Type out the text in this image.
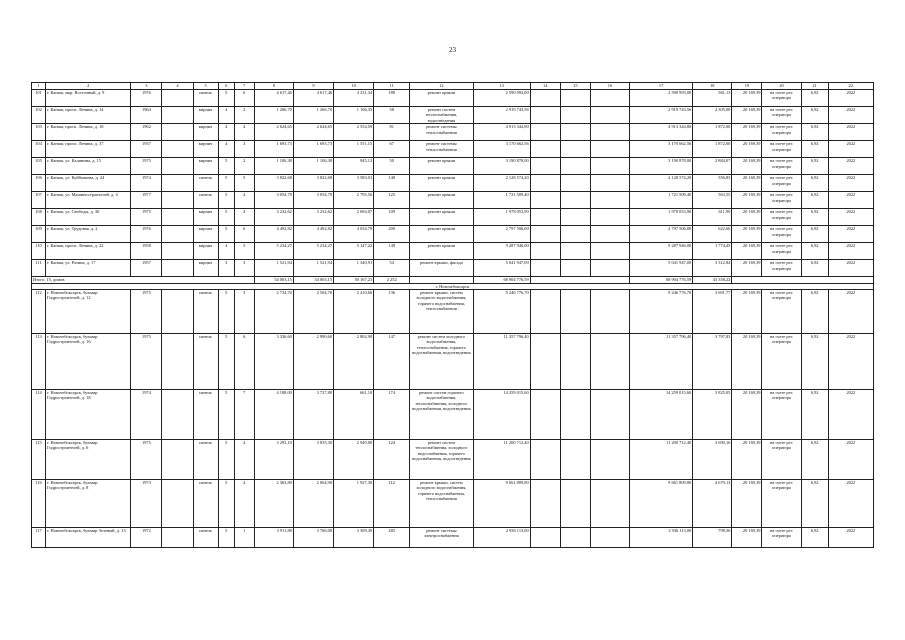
23
1	2	3	4	5	6	7	8	9	10	11	12	13	14	15	16	17	18	19	20	21	22
101	г. Канаш, мкр. Восточный, д. 9	1976		панель	5	6	4 617,46	4 617,46	4 231,34	188	ремонт крыши	2 590 993,00				2 590 993,00	561,13	20 169,39	на счете рег. оператора	6,92	2022
102	г. Канаш, просп. Ленина, д. 14	1964		кирпич	4	2	1 266,70	1 266,70	1 106,35	58	ремонт систем теплоснабжения, водоотведения	2 919 743,56				2 919 743,56	2 305,00	20 169,39	на счете рег. оператора	6,92	2022
103	г. Канаш, просп. Ленина, д. 18	1962		кирпич	4	4	2 624,65	2 624,65	2 554,59	81	ремонт системы теплоснабжения	4 913 344,80				4 913 344,80	1 872,00	20 169,39	на счете рег. оператора	6,92	2022
104	г. Канаш, просп. Ленина, д. 37	1937		кирпич	4	3	1 693,73	1 693,73	1 551,15	67	ремонт системы теплоснабжения	3 170 662,56				3 170 662,56	1 872,00	20 169,39	на счете рег. оператора	6,92	2022
105	г. Канаш, ул. Калинина, д. 15	1975		кирпич	5	2	1 106,38	1 106,38	945,12	50	ремонт крыши	3 190 878,00				3 190 878,00	2 884,07	20 169,39	на счете рег. оператора	6,92	2022
106	г. Канаш, ул. Куйбышева, д. 24	1974		панель	5	5	3 822,68	3 822,68	3 583,01	148	ремонт крыши	2 128 574,20				2 128 574,20	556,83	20 169,39	на счете рег. оператора	6,92	2022
107	г. Канаш, ул. Машиностроителей, д. 4	1977		панель	5	4	3 054,79	3 054,79	2 795,56	125	ремонт крыши	1 721 509,40				1 721 509,40	563,55	20 169,39	на счете рег. оператора	6,92	2022
108	г. Канаш, ул. Свободы, д. 30	1975		кирпич	5	4	3 232,62	3 232,62	2 694,07	109	ремонт крыши	1 978 053,90				1 978 053,90	611,90	20 169,39	на счете рег. оператора	6,92	2022
109	г. Канаш, ул. Трудовая, д. 2	1976		кирпич	5	6	4 492,82	4 492,82	4 034,79	200	ремонт крыши	2 797 506,00				2 797 506,00	622,66	20 169,39	на счете рег. оператора	6,92	2022
110	г. Канаш, просп. Ленина, д. 22	1958		кирпич	4	5	5 234,27	5 234,27	5 147,22	149	ремонт крыши	9 287 946,00				9 287 946,00	1 774,45	20 169,39	на счете рег. оператора	6,92	2022
111	г. Канаш, ул. Разина, д. 17	1957		кирпич	3	3	1 521,94	1 521,94	1 340,91	54	ремонт крыши, фасада	5 041 947,00				5 041 947,00	3 312,84	20 169,39	на счете рег. оператора	6,92	2022
Итого: 15, домов							54 003,15	54 003,15	50 167,23	2 252		68 904 776,59				68 904 776,59	43 358,22				
г. Новочебоксарск																					
112	г. Новочебоксарск, бульвар Гидростроителей, д. 12	1975		панель	5	3	2 734,70	2 504,70	2 410,60	136	ремонт крыши, систем холодного водоснабжения, горячего водоснабжения, теплоснабжения	9 246 776,70				9 246 776,70	3 691,77	20 169,39	на счете рег. оператора	6,92	2022
113	г. Новочебоксарск, бульвар Гидростроителей, д. 16	1975		панель	5	6	3 336,60	2 990,60	2 802,90	147	ремонт систем холодного водоснабжения, теплоснабжения, горячего водоснабжения, водоотведения	11 357 796,40				11 357 796,40	3 797,83	20 169,39	на счете рег. оператора	6,92	2022
114	г. Новочебоксарск, бульвар Гидростроителей, д. 18	1974		панель	5	7	4 188,00	3 727,80	661,10	174	ремонт систем горячего водоснабжения, теплоснабжения, холодного водоснабжения, водоотведения	14 259 015,60				14 259 015,60	3 825,05	20 169,39	на счете рег. оператора	6,92	2022
115	г. Новочебоксарск, бульвар Гидростроителей, д. 6	1975		панель	5	4	3 293,10	3 035,30	2 940,00	124	ремонт систем теплоснабжения, холодного водоснабжения, горячего водоснабжения, водоотведения	11 200 712,40				11 200 712,40	3 690,16	20 169,39	на счете рег. оператора	6,92	2022
116	г. Новочебоксарск, бульвар Гидростроителей, д. 8	1973		панель	5	4	2 363,80	2 064,90	1 927,30	112	ремонт крыши, систем холодного водоснабжения, горячего водоснабжения, теплоснабжения	9 661 809,80				9 661 809,80	4 679,13	20 169,39	на счете рег. оператора	6,92	2022
117	г. Новочебоксарск, бульвар Зеленый, д. 13	1972		панель	5	1	3 911,88	3 766,08	3 309,49	285	ремонт системы электроснабжения	2 936 113,00				2 936 113,00	798,56	20 169,39	на счете рег. оператора	6,92	2022
